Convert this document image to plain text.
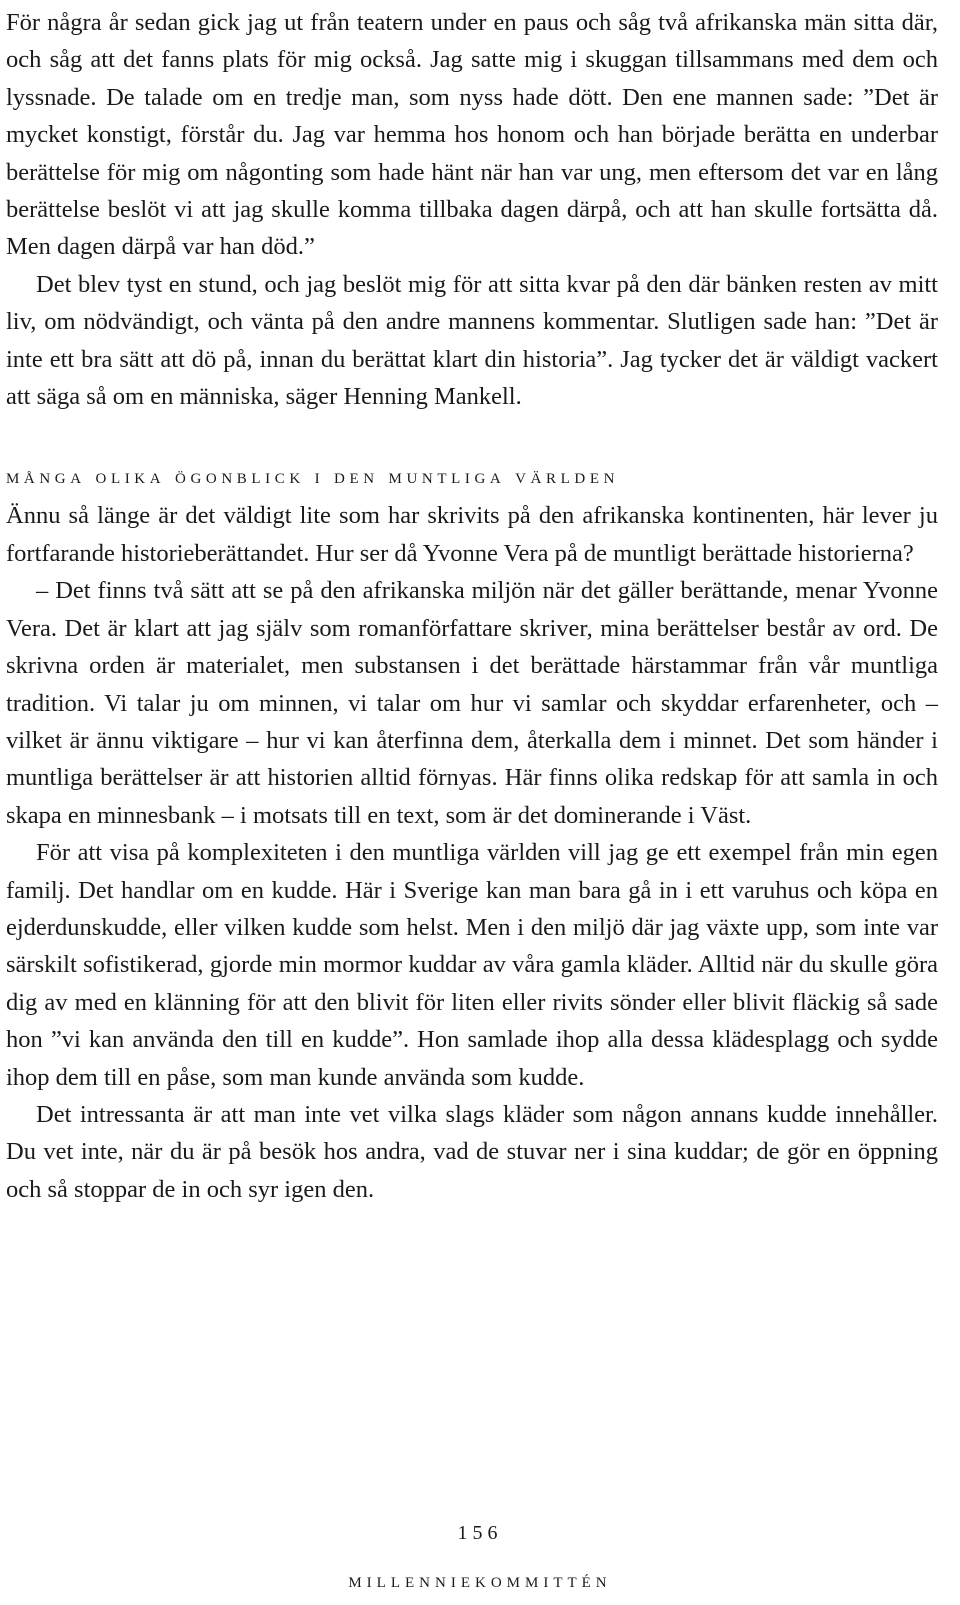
För några år sedan gick jag ut från teatern under en paus och såg två afrikanska män sitta där, och såg att det fanns plats för mig också. Jag satte mig i skuggan tillsammans med dem och lyssnade. De talade om en tredje man, som nyss hade dött. Den ene mannen sade: ”Det är mycket konstigt, förstår du. Jag var hemma hos honom och han började berätta en underbar berättelse för mig om någonting som hade hänt när han var ung, men eftersom det var en lång berättelse beslöt vi att jag skulle komma tillbaka dagen därpå, och att han skulle fortsätta då. Men dagen därpå var han död.”

Det blev tyst en stund, och jag beslöt mig för att sitta kvar på den där bänken resten av mitt liv, om nödvändigt, och vänta på den andre mannens kommentar. Slutligen sade han: ”Det är inte ett bra sätt att dö på, innan du berättat klart din historia”. Jag tycker det är väldigt vackert att säga så om en människa, säger Henning Mankell.

många olika ögonblick i den muntliga världen

Ännu så länge är det väldigt lite som har skrivits på den afrikanska kontinenten, här lever ju fortfarande historieberättandet. Hur ser då Yvonne Vera på de muntligt berättade historierna?

– Det finns två sätt att se på den afrikanska miljön när det gäller berättande, menar Yvonne Vera. Det är klart att jag själv som romanförfattare skriver, mina berättelser består av ord. De skrivna orden är materialet, men substansen i det berättade härstammar från vår muntliga tradition. Vi talar ju om minnen, vi talar om hur vi samlar och skyddar erfarenheter, och – vilket är ännu viktigare – hur vi kan återfinna dem, återkalla dem i minnet. Det som händer i muntliga berättelser är att historien alltid förnyas. Här finns olika redskap för att samla in och skapa en minnesbank – i motsats till en text, som är det dominerande i Väst.

För att visa på komplexiteten i den muntliga världen vill jag ge ett exempel från min egen familj. Det handlar om en kudde. Här i Sverige kan man bara gå in i ett varuhus och köpa en ejderdunskudde, eller vilken kudde som helst. Men i den miljö där jag växte upp, som inte var särskilt sofistikerad, gjorde min mormor kuddar av våra gamla kläder. Alltid när du skulle göra dig av med en klänning för att den blivit för liten eller rivits sönder eller blivit fläckig så sade hon ”vi kan använda den till en kudde”. Hon samlade ihop alla dessa klädesplagg och sydde ihop dem till en påse, som man kunde använda som kudde.

Det intressanta är att man inte vet vilka slags kläder som någon annans kudde innehåller. Du vet inte, när du är på besök hos andra, vad de stuvar ner i sina kuddar; de gör en öppning och så stoppar de in och syr igen den.

156
MILLENNIEKOMMITTÉN
